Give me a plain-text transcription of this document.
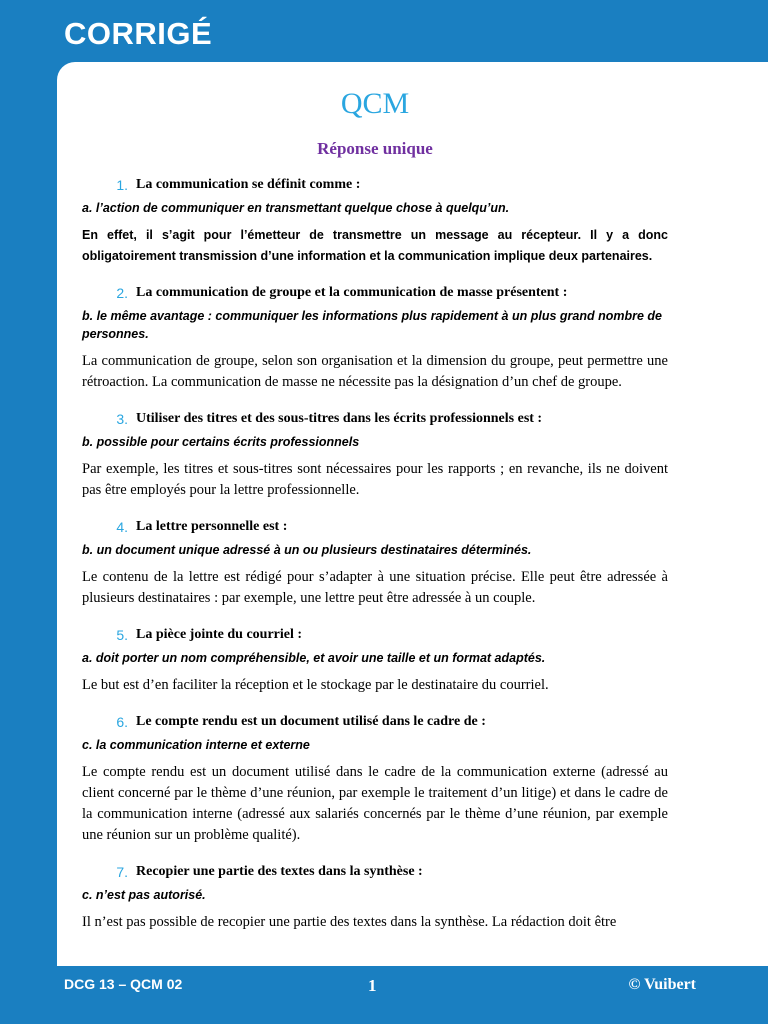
CORRIGÉ
QCM
Réponse unique
1. La communication se définit comme :
a. l’action de communiquer en transmettant quelque chose à quelqu’un.
En effet, il s’agit pour l’émetteur de transmettre un message au récepteur. Il y a donc obligatoirement transmission d’une information et la communication implique deux partenaires.
2. La communication de groupe et la communication de masse présentent :
b. le même avantage : communiquer les informations plus rapidement à un plus grand nombre de personnes.
La communication de groupe, selon son organisation et la dimension du groupe, peut permettre une rétroaction. La communication de masse ne nécessite pas la désignation d’un chef de groupe.
3. Utiliser des titres et des sous-titres dans les écrits professionnels est :
b. possible pour certains écrits professionnels
Par exemple, les titres et sous-titres sont nécessaires pour les rapports ; en revanche, ils ne doivent pas être employés pour la lettre professionnelle.
4. La lettre personnelle est :
b. un document unique adressé à un ou plusieurs destinataires déterminés.
Le contenu de la lettre est rédigé pour s’adapter à une situation précise. Elle peut être adressée à plusieurs destinataires : par exemple, une lettre peut être adressée à un couple.
5. La pièce jointe du courriel :
a. doit porter un nom compréhensible, et avoir une taille et un format adaptés.
Le but est d’en faciliter la réception et le stockage par le destinataire du courriel.
6. Le compte rendu est un document utilisé dans le cadre de :
c. la communication interne et externe
Le compte rendu est un document utilisé dans le cadre de la communication externe (adressé au client concerné par le thème d’une réunion, par exemple le traitement d’un litige) et dans le cadre de la communication interne (adressé aux salariés concernés par le thème d’une réunion, par exemple une réunion sur un problème qualité).
7. Recopier une partie des textes dans la synthèse :
c. n’est pas autorisé.
Il n’est pas possible de recopier une partie des textes dans la synthèse. La rédaction doit être
DCG 13 – QCM 02	1	© Vuibert
